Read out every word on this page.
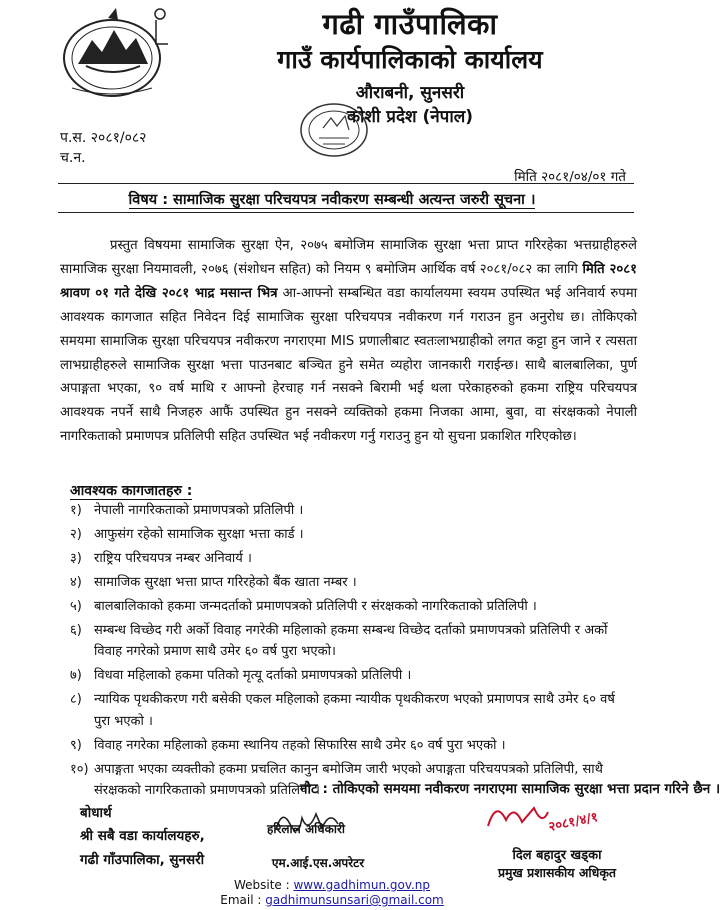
गढी गाउँपालिका
गाउँ कार्यपालिकाको कार्यालय
औराबनी, सुनसरी
कोशी प्रदेश (नेपाल)
प.स. २०८१/०८२
च.न.
मिति २०८१/०४/०१ गते
विषय : सामाजिक सुरक्षा परिचयपत्र नवीकरण सम्बन्धी अत्यन्त जरुरी सूचना ।
प्रस्तुत विषयमा सामाजिक सुरक्षा ऐन, २०७५ बमोजिम सामाजिक सुरक्षा भत्ता प्राप्त गरिरहेका भत्तग्राहीहरुले सामाजिक सुरक्षा नियमावली, २०७६ (संशोधन सहित) को नियम ९ बमोजिम आर्थिक वर्ष २०८१/०८२ का लागि मिति २०८१ श्रावण ०१ गते देखि २०८१ भाद्र मसान्त भित्र आ-आफ्नो सम्बन्धित वडा कार्यालयमा स्वयम उपस्थित भई अनिवार्य रुपमा आवश्यक कागजात सहित निवेदन दिई सामाजिक सुरक्षा परिचयपत्र नवीकरण गर्न गराउन हुन अनुरोध छ। तोकिएको समयमा सामाजिक सुरक्षा परिचयपत्र नवीकरण नगराएमा MIS प्रणालीबाट स्वतःलाभग्राहीको लगत कट्टा हुन जाने र त्यसता लाभग्राहीहरुले सामाजिक सुरक्षा भत्ता पाउनबाट बञ्चित हुने समेत व्यहोरा जानकारी गराईन्छ। साथै बालबालिका, पुर्ण अपाङ्गता भएका, ९० वर्ष माथि र आफ्नो हेरचाह गर्न नसक्ने बिरामी भई थला परेकाहरुको हकमा राष्ट्रिय परिचयपत्र आवश्यक नपर्ने साथै निजहरु आफैं उपस्थित हुन नसक्ने व्यक्तिको हकमा निजका आमा, बुवा, वा संरक्षकको नेपाली नागरिकताको प्रमाणपत्र प्रतिलिपी सहित उपस्थित भई नवीकरण गर्नु गराउनु हुन यो सुचना प्रकाशित गरिएकोछ।
आवश्यक कागजातहरु :
१) नेपाली नागरिकताको प्रमाणपत्रको प्रतिलिपी ।
२) आफुसंग रहेको सामाजिक सुरक्षा भत्ता कार्ड ।
३) राष्ट्रिय परिचयपत्र नम्बर अनिवार्य ।
४) सामाजिक सुरक्षा भत्ता प्राप्त गरिरहेको बैंक खाता नम्बर ।
५) बालबालिकाको हकमा जन्मदर्ताको प्रमाणपत्रको प्रतिलिपी र संरक्षकको नागरिकताको प्रतिलिपी ।
६) सम्बन्ध विच्छेद गरी अर्को विवाह नगरेकी महिलाको हकमा सम्बन्ध विच्छेद दर्ताको प्रमाणपत्रको प्रतिलिपी र अर्को विवाह नगरेको प्रमाण साथै उमेर ६० वर्ष पुरा भएको।
७) विधवा महिलाको हकमा पतिको मृत्यू दर्ताको प्रमाणपत्रको प्रतिलिपी ।
८) न्यायिक पृथकीकरण गरी बसेकी एकल महिलाको हकमा न्यायीक पृथकीकरण भएको प्रमाणपत्र साथै उमेर ६० वर्ष पुरा भएको ।
९) विवाह नगरेका महिलाको हकमा स्थानिय तहको सिफारिस साथै उमेर ६० वर्ष पुरा भएको ।
१०) अपाङ्गता भएका व्यक्तीको हकमा प्रचलित कानुन बमोजिम जारी भएको अपाङ्गता परिचयपत्रको प्रतिलिपी, साथै संरक्षकको नागरिकताको प्रमाणपत्रको प्रतिलिपी ।
नोट : तोकिएको समयमा नवीकरण नगराएमा सामाजिक सुरक्षा भत्ता प्रदान गरिने छैन ।
बोधार्थ
श्री सबै वडा कार्यालयहरु,
गढी गाँउपालिका, सुनसरी
हरिलाल अधिकारी
एम.आई.एस.अपरेटर
२०८१/४/१
दिल बहादुर खड्का
प्रमुख प्रशासकीय अधिकृत
Website : www.gadhimun.gov.np
Email : gadhimunsunsari@gmail.com
